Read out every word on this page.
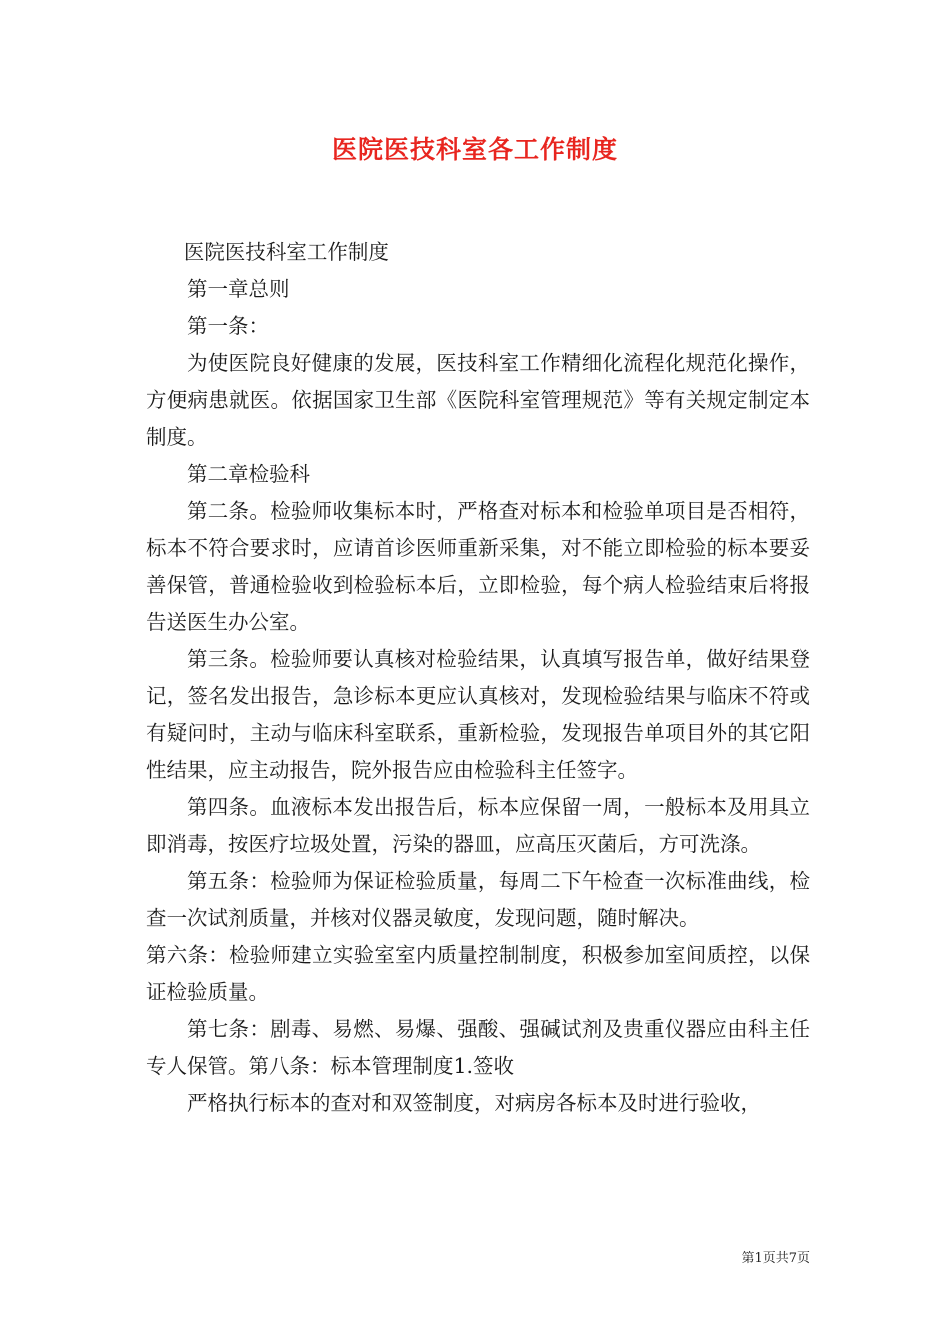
医院医技科室各工作制度

医院医技科室工作制度

第一章总则

第一条：

为使医院良好健康的发展，医技科室工作精细化流程化规范化操作，方便病患就医。依据国家卫生部《医院科室管理规范》等有关规定制定本制度。

第二章检验科

第二条。检验师收集标本时，严格查对标本和检验单项目是否相符，标本不符合要求时，应请首诊医师重新采集，对不能立即检验的标本要妥善保管，普通检验收到检验标本后，立即检验，每个病人检验结束后将报告送医生办公室。

第三条。检验师要认真核对检验结果，认真填写报告单，做好结果登记，签名发出报告，急诊标本更应认真核对，发现检验结果与临床不符或有疑问时，主动与临床科室联系，重新检验，发现报告单项目外的其它阳性结果，应主动报告，院外报告应由检验科主任签字。

第四条。血液标本发出报告后，标本应保留一周，一般标本及用具立即消毒，按医疗垃圾处置，污染的器皿，应高压灭菌后，方可洗涤。

第五条：检验师为保证检验质量，每周二下午检查一次标准曲线，检查一次试剂质量，并核对仪器灵敏度，发现问题，随时解决。

第六条：检验师建立实验室室内质量控制制度，积极参加室间质控，以保证检验质量。

第七条：剧毒、易燃、易爆、强酸、强碱试剂及贵重仪器应由科主任专人保管。第八条：标本管理制度1.签收

严格执行标本的查对和双签制度，对病房各标本及时进行验收，

第1页共7页
